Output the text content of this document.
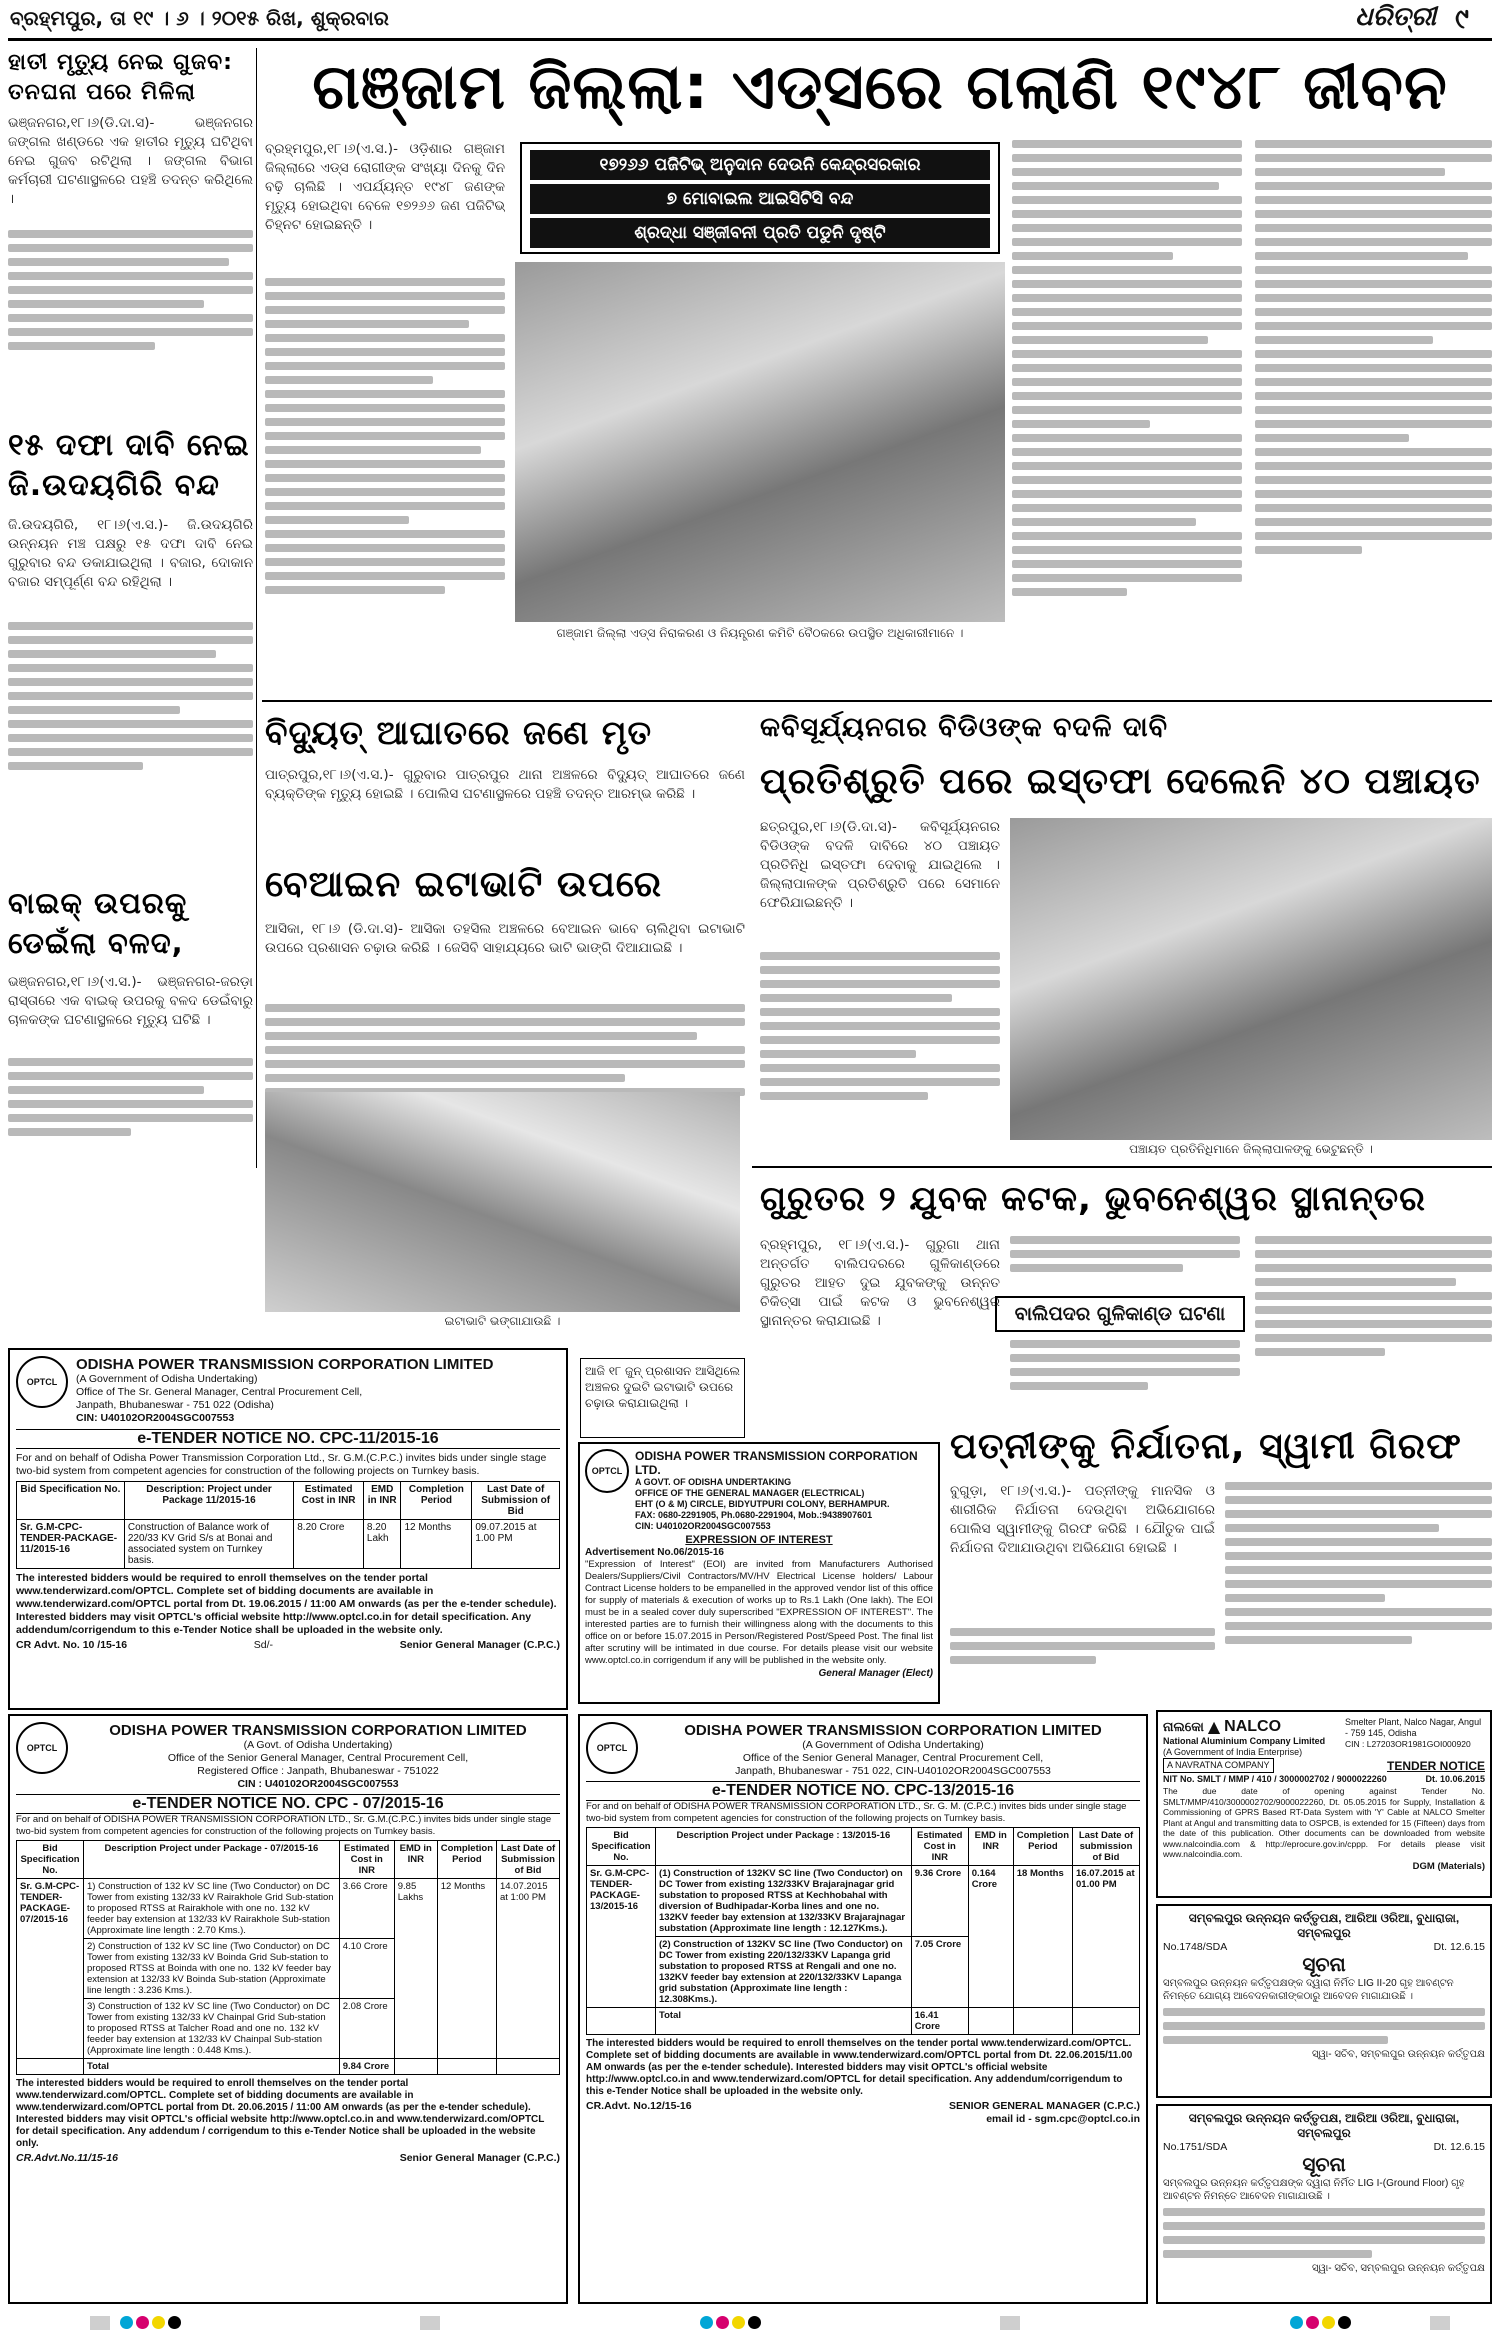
ବ୍ରହ୍ମପୁର, ତା ୧୯ । ୬ । ୨୦୧୫ ରିଖ, ଶୁକ୍ରବାର	ଧରିତ୍ରୀ ୯
ହାତୀ ମୃତ୍ୟୁ ନେଇ ଗୁଜବ: ତନଘନା ପରେ ମିଳିଲା
ଭଞ୍ଜନଗର,୧୮।୬(ଡି.ଦା.ସ)- ଭଞ୍ଜନଗର ଜଙ୍ଗଲ ଖଣ୍ଡରେ ଏକ ହାତୀର ମୃତ୍ୟୁ ଘଟିଥିବା ନେଇ ଗୁଜବ ରଟିଥିଲା । ଜଙ୍ଗଲ ବିଭାଗ କର୍ମଚାରୀ ଘଟଣାସ୍ଥଳରେ ପହଞ୍ଚି ତଦନ୍ତ କରିଥିଲେ ।
୧୫ ଦଫା ଦାବି ନେଇ ଜି.ଉଦୟଗିରି ବନ୍ଦ
ଜି.ଉଦୟଗିରି, ୧୮।୬(ଏ.ସ.)- ଜି.ଉଦୟଗିରି ଉନ୍ନୟନ ମଞ୍ଚ ପକ୍ଷରୁ ୧୫ ଦଫା ଦାବି ନେଇ ଗୁରୁବାର ବନ୍ଦ ଡକାଯାଇଥିଲା । ବଜାର, ଦୋକାନ ବଜାର ସମ୍ପୂର୍ଣ୍ଣ ବନ୍ଦ ରହିଥିଲା ।
ବାଇକ୍ ଉପରକୁ ଡେଇଁଲା ବଳଦ,
ଭଞ୍ଜନଗର,୧୮।୬(ଏ.ସ.)- ଭଞ୍ଜନଗର-ଜରଡ଼ା ରାସ୍ତାରେ ଏକ ବାଇକ୍ ଉପରକୁ ବଳଦ ଡେଇଁବାରୁ ଚାଳକଙ୍କ ଘଟଣାସ୍ଥଳରେ ମୃତ୍ୟୁ ଘଟିଛି ।
ଗଞ୍ଜାମ ଜିଲ୍ଲା: ଏଡ୍‌ସରେ ଗଲାଣି ୧୯୪୮ ଜୀବନ
ବ୍ରହ୍ମପୁର,୧୮।୬(ଏ.ସ.)- ଓଡ଼ିଶାର ଗଞ୍ଜାମ ଜିଲ୍ଲାରେ ଏଡ୍‌ସ ରୋଗୀଙ୍କ ସଂଖ୍ୟା ଦିନକୁ ଦିନ ବଢ଼ି ଚାଲିଛି । ଏପର୍ଯ୍ୟନ୍ତ ୧୯୪୮ ଜଣଙ୍କ ମୃତ୍ୟୁ ହୋଇଥିବା ବେଳେ ୧୭୨୬୬ ଜଣ ପଜିଟିଭ୍ ଚିହ୍ନଟ ହୋଇଛନ୍ତି ।
୧୭୨୬୬ ପଜିଟିଭ୍ ଅନୁଦାନ ଦେଉନି କେନ୍ଦ୍ରସରକାର
୭ ମୋବାଇଲ ଆଇସିଟିସି ବନ୍ଦ
ଶ୍ରଦ୍ଧା ସଞ୍ଜୀବନୀ ପ୍ରତି ପଡୁନି ଦୃଷ୍ଟି
ଗଞ୍ଜାମ ଜିଲ୍ଲା ଏଡ୍‌ସ ନିରାକରଣ ଓ ନିୟନ୍ତ୍ରଣ କମିଟି ବୈଠକରେ ଉପସ୍ଥିତ ଅଧିକାରୀମାନେ ।
ବିଦ୍ୟୁତ୍ ଆଘାତରେ ଜଣେ ମୃତ
ପାତ୍ରପୁର,୧୮।୬(ଏ.ସ.)- ଗୁରୁବାର ପାତ୍ରପୁର ଥାନା ଅଞ୍ଚଳରେ ବିଦ୍ୟୁତ୍ ଆଘାତରେ ଜଣେ ବ୍ୟକ୍ତିଙ୍କ ମୃତ୍ୟୁ ହୋଇଛି । ପୋଲିସ ଘଟଣାସ୍ଥଳରେ ପହଞ୍ଚି ତଦନ୍ତ ଆରମ୍ଭ କରିଛି ।
ବେଆଇନ ଇଟାଭାଟି ଉପରେ
ଆସିକା, ୧୮।୬ (ଡି.ଦା.ସ)- ଆସିକା ତହସିଲ ଅଞ୍ଚଳରେ ବେଆଇନ ଭାବେ ଚାଲିଥିବା ଇଟାଭାଟି ଉପରେ ପ୍ରଶାସନ ଚଢ଼ାଉ କରିଛି । ଜେସିବି ସାହାଯ୍ୟରେ ଭାଟି ଭାଙ୍ଗି ଦିଆଯାଇଛି ।
ଇଟାଭାଟି ଭଙ୍ଗାଯାଉଛି ।
କବିସୂର୍ଯ୍ୟନଗର ବିଡିଓଙ୍କ ବଦଳି ଦାବି
ପ୍ରତିଶ୍ରୁତି ପରେ ଇସ୍ତଫା ଦେଲେନି ୪୦ ପଞ୍ଚାୟତ
ଛତ୍ରପୁର,୧୮।୬(ଡି.ଦା.ସ)- କବିସୂର୍ଯ୍ୟନଗର ବିଡିଓଙ୍କ ବଦଳି ଦାବିରେ ୪୦ ପଞ୍ଚାୟତ ପ୍ରତିନିଧି ଇସ୍ତଫା ଦେବାକୁ ଯାଇଥିଲେ । ଜିଲ୍ଲାପାଳଙ୍କ ପ୍ରତିଶ୍ରୁତି ପରେ ସେମାନେ ଫେରିଯାଇଛନ୍ତି ।
ପଞ୍ଚାୟତ ପ୍ରତିନିଧିମାନେ ଜିଲ୍ଲାପାଳଙ୍କୁ ଭେଟୁଛନ୍ତି ।
ଗୁରୁତର ୨ ଯୁବକ କଟକ, ଭୁବନେଶ୍ୱର ସ୍ଥାନାନ୍ତର
ବ୍ରହ୍ମପୁର, ୧୮।୬(ଏ.ସ.)- ଗୁରୁଗା ଥାନା ଅନ୍ତର୍ଗତ ବାଲିପଦରରେ ଗୁଳିକାଣ୍ଡରେ ଗୁରୁତର ଆହତ ଦୁଇ ଯୁବକଙ୍କୁ ଉନ୍ନତ ଚିକିତ୍ସା ପାଇଁ କଟକ ଓ ଭୁବନେଶ୍ୱର ସ୍ଥାନାନ୍ତର କରାଯାଇଛି ।	ବାଲିପଦର ଗୁଳିକାଣ୍ଡ ଘଟଣା
ଆଜି ୧୮ ଜୁନ୍ ପ୍ରଶାସନ ଆସିଥିଲେ ଅଞ୍ଚଳର ଦୁଇଟି ଇଟାଭାଟି ଉପରେ ଚଢ଼ାଉ କରାଯାଇଥିଲା ।
ପତ୍ନୀଙ୍କୁ ନିର୍ଯାତନା, ସ୍ୱାମୀ ଗିରଫ
ବୁଗୁଡ଼ା, ୧୮।୬(ଏ.ସ.)- ପତ୍ନୀଙ୍କୁ ମାନସିକ ଓ ଶାରୀରିକ ନିର୍ଯାତନା ଦେଉଥିବା ଅଭିଯୋଗରେ ପୋଲିସ ସ୍ୱାମୀଙ୍କୁ ଗିରଫ କରିଛି । ଯୌତୁକ ପାଇଁ ନିର୍ଯାତନା ଦିଆଯାଉଥିବା ଅଭିଯୋଗ ହୋଇଛି ।
OPTCL
ODISHA POWER TRANSMISSION CORPORATION LIMITED
(A Government of Odisha Undertaking)
Office of The Sr. General Manager, Central Procurement Cell,
Janpath, Bhubaneswar - 751 022 (Odisha)
CIN: U40102OR2004SGC007553
e-TENDER NOTICE NO. CPC-11/2015-16
For and on behalf of Odisha Power Transmission Corporation Ltd., Sr. G.M.(C.P.C.) invites bids under single stage two-bid system from competent agencies for construction of the following projects on Turnkey basis.
Bid Specification No.	Description: Project under Package 11/2015-16	Estimated Cost in INR	EMD in INR	Completion Period	Last Date of Submission of Bid
Sr. G.M-CPC-TENDER-PACKAGE-11/2015-16	Construction of Balance work of 220/33 KV Grid S/s at Bonai and associated system on Turnkey basis.	8.20 Crore	8.20 Lakh	12 Months	09.07.2015 at 1.00 PM
The interested bidders would be required to enroll themselves on the tender portal www.tenderwizard.com/OPTCL. Complete set of bidding documents are available in www.tenderwizard.com/OPTCL portal from Dt. 19.06.2015 / 11:00 AM onwards (as per the e-tender schedule). Interested bidders may visit OPTCL's official website http://www.optcl.co.in for detail specification. Any addendum/corrigendum to this e-Tender Notice shall be uploaded in the website only.
CR Advt. No. 10 /15-16	Sd/-	Senior General Manager (C.P.C.)
OPTCL
ODISHA POWER TRANSMISSION CORPORATION LTD.
A GOVT. OF ODISHA UNDERTAKING
OFFICE OF THE GENERAL MANAGER (ELECTRICAL)
EHT (O & M) CIRCLE, BIDYUTPURI COLONY, BERHAMPUR.
FAX: 0680-2291905, Ph.0680-2291904, Mob.:9438907601
CIN: U40102OR2004SGC007553
EXPRESSION OF INTEREST
Advertisement No.06/2015-16
"Expression of Interest" (EOI) are invited from Manufacturers Authorised Dealers/Suppliers/Civil Contractors/MV/HV Electrical License holders/ Labour Contract License holders to be empanelled in the approved vendor list of this office for supply of materials & execution of works up to Rs.1 Lakh (One lakh). The EOI must be in a sealed cover duly superscribed "EXPRESSION OF INTEREST". The interested parties are to furnish their willingness along with the documents to this office on or before 15.07.2015 in Person/Registered Post/Speed Post. The final list after scrutiny will be intimated in due course. For details please visit our website www.optcl.co.in corrigendum if any will be published in the website only.
General Manager (Elect)
OPTCL
ODISHA POWER TRANSMISSION CORPORATION LIMITED
(A Govt. of Odisha Undertaking)
Office of the Senior General Manager, Central Procurement Cell,
Registered Office : Janpath, Bhubaneswar - 751022
CIN : U40102OR2004SGC007553
e-TENDER NOTICE NO. CPC - 07/2015-16
For and on behalf of ODISHA POWER TRANSMISSION CORPORATION LTD., Sr. G.M.(C.P.C.) invites bids under single stage two-bid system from competent agencies for construction of the following projects on Turnkey basis.
Bid Specification No.	Description Project under Package - 07/2015-16	Estimated Cost in INR	EMD in INR	Completion Period	Last Date of Submission of Bid
Sr. G.M-CPC-TENDER-PACKAGE-07/2015-16	1) Construction of 132 kV SC line (Two Conductor) on DC Tower from existing 132/33 kV Rairakhole Grid Sub-station to proposed RTSS at Rairakhole with one no. 132 kV feeder bay extension at 132/33 kV Rairakhole Sub-station (Approximate line length : 2.70 Kms.).	3.66 Crore	9.85 Lakhs	12 Months	14.07.2015 at 1:00 PM
	2) Construction of 132 kV SC line (Two Conductor) on DC Tower from existing 132/33 kV Boinda Grid Sub-station to proposed RTSS at Boinda with one no. 132 kV feeder bay extension at 132/33 kV Boinda Sub-station (Approximate line length : 3.236 Kms.).	4.10 Crore			
	3) Construction of 132 kV SC line (Two Conductor) on DC Tower from existing 132/33 kV Chainpal Grid Sub-station to proposed RTSS at Talcher Road and one no. 132 kV feeder bay extension at 132/33 kV Chainpal Sub-station (Approximate line length : 0.448 Kms.).	2.08 Crore			
	Total	9.84 Crore			
The interested bidders would be required to enroll themselves on the tender portal www.tenderwizard.com/OPTCL. Complete set of bidding documents are available in www.tenderwizard.com/OPTCL portal from Dt. 20.06.2015 / 11:00 AM onwards (as per the e-tender schedule). Interested bidders may visit OPTCL's official website http://www.optcl.co.in and www.tenderwizard.com/OPTCL for detail specification. Any addendum / corrigendum to this e-Tender Notice shall be uploaded in the website only.
CR.Advt.No.11/15-16	Senior General Manager (C.P.C.)
OPTCL
ODISHA POWER TRANSMISSION CORPORATION LIMITED
(A Government of Odisha Undertaking)
Office of the Senior General Manager, Central Procurement Cell,
Janpath, Bhubaneswar - 751 022, CIN-U40102OR2004SGC007553
e-TENDER NOTICE NO. CPC-13/2015-16
For and on behalf of ODISHA POWER TRANSMISSION CORPORATION LTD., Sr. G. M. (C.P.C.) invites bids under single stage two-bid system from competent agencies for construction of the following projects on Turnkey basis.
Bid Specification No.	Description Project under Package : 13/2015-16	Estimated Cost in INR	EMD in INR	Completion Period	Last Date of submission of Bid
Sr. G.M-CPC-TENDER-PACKAGE-13/2015-16	(1) Construction of 132KV SC line (Two Conductor) on DC Tower from existing 132/33KV Brajarajnagar grid substation to proposed RTSS at Kechhobahal with diversion of Budhipadar-Korba lines and one no. 132KV feeder bay extension at 132/33KV Brajarajnagar substation (Approximate line length : 12.127Kms.).	9.36 Crore	0.164 Crore	18 Months	16.07.2015 at 01.00 PM
	(2) Construction of 132KV SC line (Two Conductor) on DC Tower from existing 220/132/33KV Lapanga grid substation to proposed RTSS at Rengali and one no. 132KV feeder bay extension at 220/132/33KV Lapanga grid substation (Approximate line length : 12.308Kms.).	7.05 Crore			
	Total	16.41 Crore			
The interested bidders would be required to enroll themselves on the tender portal www.tenderwizard.com/OPTCL. Complete set of bidding documents are available in www.tenderwizard.com/OPTCL portal from Dt. 22.06.2015/11.00 AM onwards (as per the e-tender schedule). Interested bidders may visit OPTCL's official website http://www.optcl.co.in and www.tenderwizard.com/OPTCL for detail specification. Any addendum/corrigendum to this e-Tender Notice shall be uploaded in the website only.
CR.Advt. No.12/15-16	SENIOR GENERAL MANAGER (C.P.C.)
email id - sgm.cpc@optcl.co.in
ନାଲକୋ ▲ NALCO
National Aluminium Company Limited
(A Government of India Enterprise)
Smelter Plant, Nalco Nagar, Angul - 759 145, Odisha
CIN : L27203OR1981GOI000920
A NAVRATNA COMPANY	TENDER NOTICE
NIT No. SMLT / MMP / 410 / 3000002702 / 9000022260	Dt. 10.06.2015
The due date of opening against Tender No. SMLT/MMP/410/3000002702/9000022260, Dt. 05.05.2015 for Supply, Installation & Commissioning of GPRS Based RT-Data System with 'Y' Cable at NALCO Smelter Plant at Angul and transmitting data to OSPCB, is extended for 15 (Fifteen) days from the date of this publication. Other documents can be downloaded from website www.nalcoindia.com & http://eprocure.gov.in/cppp. For details please visit www.nalcoindia.com.
DGM (Materials)
ସମ୍ବଲପୁର ଉନ୍ନୟନ କର୍ତ୍ତୃପକ୍ଷ, ଆରିଆ ଓରିଆ, ବୁଧାରାଜା, ସମ୍ବଲପୁର
No.1748/SDA	Dt. 12.6.15
ସୂଚନା
ସମ୍ବଲପୁର ଉନ୍ନୟନ କର୍ତ୍ତୃପକ୍ଷଙ୍କ ଦ୍ୱାରା ନିର୍ମିତ LIG II-20 ଗୃହ ଆବଣ୍ଟନ ନିମନ୍ତେ ଯୋଗ୍ୟ ଆବେଦନକାରୀଙ୍କଠାରୁ ଆବେଦନ ମାଗାଯାଉଛି ।
ସ୍ୱା- ସଚିବ, ସମ୍ବଲପୁର ଉନ୍ନୟନ କର୍ତ୍ତୃପକ୍ଷ
ସମ୍ବଲପୁର ଉନ୍ନୟନ କର୍ତ୍ତୃପକ୍ଷ, ଆରିଆ ଓରିଆ, ବୁଧାରାଜା, ସମ୍ବଲପୁର
No.1751/SDA	Dt. 12.6.15
ସୂଚନା
ସମ୍ବଲପୁର ଉନ୍ନୟନ କର୍ତ୍ତୃପକ୍ଷଙ୍କ ଦ୍ୱାରା ନିର୍ମିତ LIG I-(Ground Floor) ଗୃହ ଆବଣ୍ଟନ ନିମନ୍ତେ ଆବେଦନ ମାଗାଯାଉଛି ।
ସ୍ୱା- ସଚିବ, ସମ୍ବଲପୁର ଉନ୍ନୟନ କର୍ତ୍ତୃପକ୍ଷ
